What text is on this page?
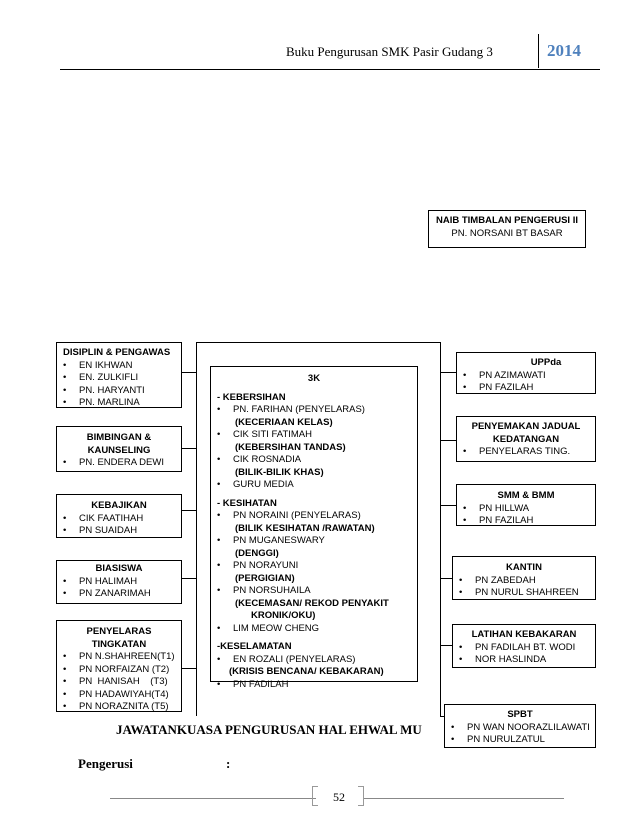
Buku Pengurusan SMK Pasir Gudang 3	2014
NAIB TIMBALAN PENGERUSI II
PN. NORSANI BT BASAR
DISIPLIN & PENGAWAS
• EN IKHWAN
• EN. ZULKIFLI
• PN. HARYANTI
• PN. MARLINA
BIMBINGAN &
KAUNSELING
• PN. ENDERA DEWI
KEBAJIKAN
• CIK FAATIHAH
• PN SUAIDAH
BIASISWA
• PN HALIMAH
• PN ZANARIMAH
PENYELARAS
TINGKATAN
• PN N.SHAHREEN(T1)
• PN NORFAIZAN (T2)
• PN  HANISAH    (T3)
• PN HADAWIYAH(T4)
• PN NORAZNITA (T5)
3K
- KEBERSIHAN
• PN. FARIHAN (PENYELARAS)
(KECERIAAN KELAS)
• CIK SITI FATIMAH
(KEBERSIHAN TANDAS)
• CIK ROSNADIA
(BILIK-BILIK KHAS)
• GURU MEDIA
- KESIHATAN
• PN NORAINI (PENYELARAS)
(BILIK KESIHATAN /RAWATAN)
• PN MUGANESWARY
(DENGGI)
• PN NORAYUNI
(PERGIGIAN)
• PN NORSUHAILA
(KECEMASAN/ REKOD PENYAKIT
KRONIK/OKU)
• LIM MEOW CHENG
-KESELAMATAN
• EN ROZALI (PENYELARAS)
(KRISIS BENCANA/ KEBAKARAN)
• PN FADILAH
UPPda
• PN AZIMAWATI
• PN FAZILAH
PENYEMAKAN JADUAL
KEDATANGAN
• PENYELARAS TING.
SMM & BMM
• PN HILLWA
• PN FAZILAH
KANTIN
• PN ZABEDAH
• PN NURUL SHAHREEN
LATIHAN KEBAKARAN
• PN FADILAH BT. WODI
• NOR HASLINDA
JAWATANKUASA PENGURUSAN HAL EHWAL MU
SPBT
• PN WAN NOORAZLILAWATI
• PN NURULZATUL
Pengerusi	:
52
